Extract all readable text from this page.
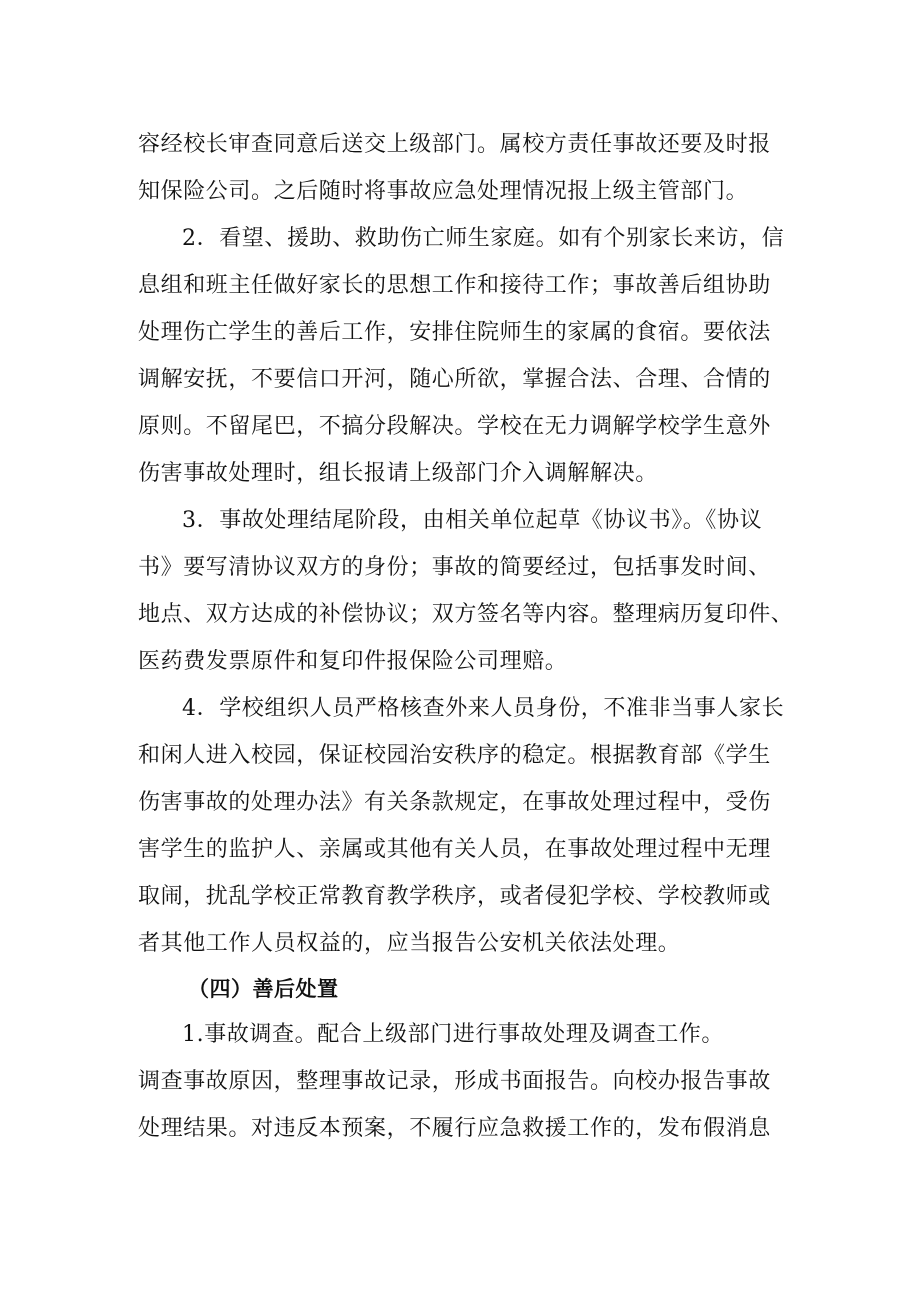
容经校长审查同意后送交上级部门。属校方责任事故还要及时报
知保险公司。之后随时将事故应急处理情况报上级主管部门。
2．看望、援助、救助伤亡师生家庭。如有个别家长来访，信
息组和班主任做好家长的思想工作和接待工作；事故善后组协助
处理伤亡学生的善后工作，安排住院师生的家属的食宿。要依法
调解安抚，不要信口开河，随心所欲，掌握合法、合理、合情的
原则。不留尾巴，不搞分段解决。学校在无力调解学校学生意外
伤害事故处理时，组长报请上级部门介入调解解决。
3．事故处理结尾阶段，由相关单位起草《协议书》。《协议
书》要写清协议双方的身份；事故的简要经过，包括事发时间、
地点、双方达成的补偿协议；双方签名等内容。整理病历复印件、
医药费发票原件和复印件报保险公司理赔。
4．学校组织人员严格核查外来人员身份，不准非当事人家长
和闲人进入校园，保证校园治安秩序的稳定。根据教育部《学生
伤害事故的处理办法》有关条款规定，在事故处理过程中，受伤
害学生的监护人、亲属或其他有关人员，在事故处理过程中无理
取闹，扰乱学校正常教育教学秩序，或者侵犯学校、学校教师或
者其他工作人员权益的，应当报告公安机关依法处理。
（四）善后处置
1.事故调查。配合上级部门进行事故处理及调查工作。
调查事故原因，整理事故记录，形成书面报告。向校办报告事故
处理结果。对违反本预案，不履行应急救援工作的，发布假消息
